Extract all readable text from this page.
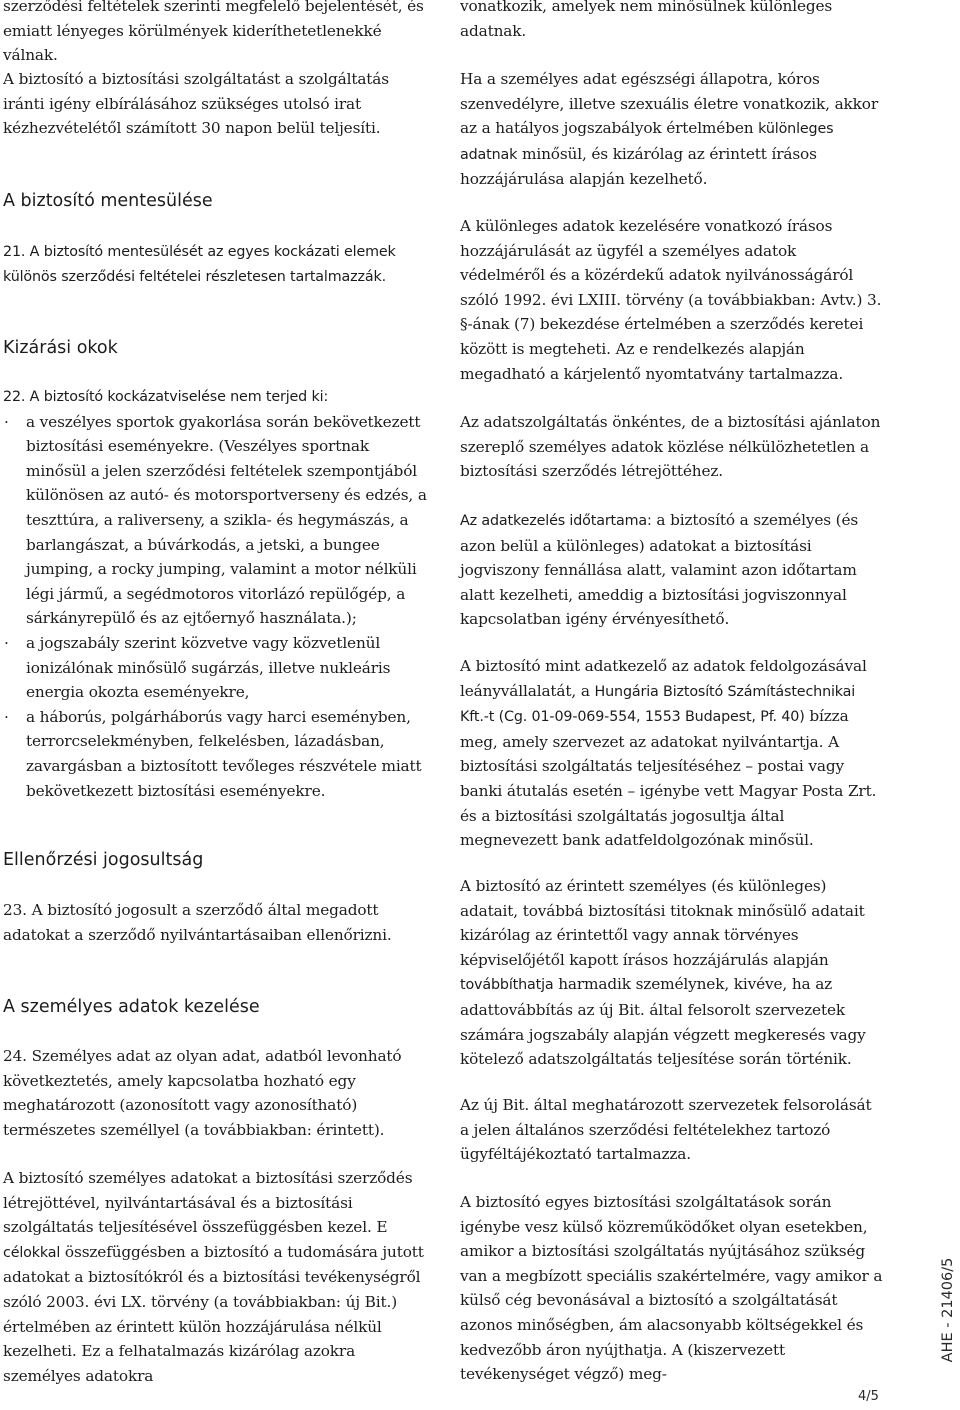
szerződési feltételek szerinti megfelelő bejelentését, és emiatt lényeges körülmények kideríthetetlenekké válnak.

A biztosító a biztosítási szolgáltatást a szolgáltatás iránti igény elbírálásához szükséges utolsó irat kézhezvételétől számított 30 napon belül teljesíti.

A biztosító mentesülése

21. A biztosító mentesülését az egyes kockázati elemek különös szerződési feltételei részletesen tartalmazzák.

Kizárási okok

22. A biztosító kockázatviselése nem terjed ki:

· a veszélyes sportok gyakorlása során bekövetkezett biztosítási eseményekre. (Veszélyes sportnak minősül a jelen szerződési feltételek szempontjából különösen az autó- és motorsportverseny és edzés, a teszttúra, a raliverseny, a szikla- és hegymászás, a barlangászat, a búvárkodás, a jetski, a bungee jumping, a rocky jumping, valamint a motor nélküli légi jármű, a segédmotoros vitorlázó repülőgép, a sárkányrepülő és az ejtőernyő használata.);

· a jogszabály szerint közvetve vagy közvetlenül ionizálónak minősülő sugárzás, illetve nukleáris energia okozta eseményekre,

· a háborús, polgárháborús vagy harci eseményben, terrorcselekményben, felkelésben, lázadásban, zavargásban a biztosított tevőleges részvétele miatt bekövetkezett biztosítási eseményekre.

Ellenőrzési jogosultság

23. A biztosító jogosult a szerződő által megadott adatokat a szerződő nyilvántartásaiban ellenőrizni.

A személyes adatok kezelése

24. Személyes adat az olyan adat, adatból levonható következtetés, amely kapcsolatba hozható egy meghatározott (azonosított vagy azonosítható) természetes személlyel (a továbbiakban: érintett).

A biztosító személyes adatokat a biztosítási szerződés létrejöttével, nyilvántartásával és a biztosítási szolgáltatás teljesítésével összefüggésben kezel. E célokkal összefüggésben a biztosító a tudomására jutott adatokat a biztosítókról és a biztosítási tevékenységről szóló 2003. évi LX. törvény (a továbbiakban: új Bit.) értelmében az érintett külön hozzájárulása nélkül kezelheti. Ez a felhatalmazás kizárólag azokra személyes adatokra

vonatkozik, amelyek nem minősülnek különleges adatnak.

Ha a személyes adat egészségi állapotra, kóros szenvedélyre, illetve szexuális életre vonatkozik, akkor az a hatályos jogszabályok értelmében különleges adatnak minősül, és kizárólag az érintett írásos hozzájárulása alapján kezelhető.

A különleges adatok kezelésére vonatkozó írásos hozzájárulását az ügyfél a személyes adatok védelméről és a közérdekű adatok nyilvánosságáról szóló 1992. évi LXIII. törvény (a továbbiakban: Avtv.) 3. §-ának (7) bekezdése értelmében a szerződés keretei között is megteheti. Az e rendelkezés alapján megadható a kárjelentő nyomtatvány tartalmazza.

Az adatszolgáltatás önkéntes, de a biztosítási ajánlaton szereplő személyes adatok közlése nélkülözhetetlen a biztosítási szerződés létrejöttéhez.

Az adatkezelés időtartama: a biztosító a személyes (és azon belül a különleges) adatokat a biztosítási jogviszony fennállása alatt, valamint azon időtartam alatt kezelheti, ameddig a biztosítási jogviszonnyal kapcsolatban igény érvényesíthető.

A biztosító mint adatkezelő az adatok feldolgozásával leányvállalatát, a Hungária Biztosító Számítástechnikai Kft.-t (Cg. 01-09-069-554, 1553 Budapest, Pf. 40) bízza meg, amely szervezet az adatokat nyilvántartja. A biztosítási szolgáltatás teljesítéséhez – postai vagy banki átutalás esetén – igénybe vett Magyar Posta Zrt. és a biztosítási szolgáltatás jogosultja által megnevezett bank adatfeldolgozónak minősül.

A biztosító az érintett személyes (és különleges) adatait, továbbá biztosítási titoknak minősülő adatait kizárólag az érintettől vagy annak törvényes képviselőjétől kapott írásos hozzájárulás alapján továbbíthatja harmadik személynek, kivéve, ha az adattovábbítás az új Bit. által felsorolt szervezetek számára jogszabály alapján végzett megkeresés vagy kötelező adatszolgáltatás teljesítése során történik.

Az új Bit. által meghatározott szervezetek felsorolását a jelen általános szerződési feltételekhez tartozó ügyféltájékoztató tartalmazza.

A biztosító egyes biztosítási szolgáltatások során igénybe vesz külső közreműködőket olyan esetekben, amikor a biztosítási szolgáltatás nyújtásához szükség van a megbízott speciális szakértelmére, vagy amikor a külső cég bevonásával a biztosító a szolgáltatását azonos minőségben, ám alacsonyabb költségekkel és kedvezőbb áron nyújthatja. A (kiszervezett tevékenységet végző) meg-

AHE - 21406/5
4/5
